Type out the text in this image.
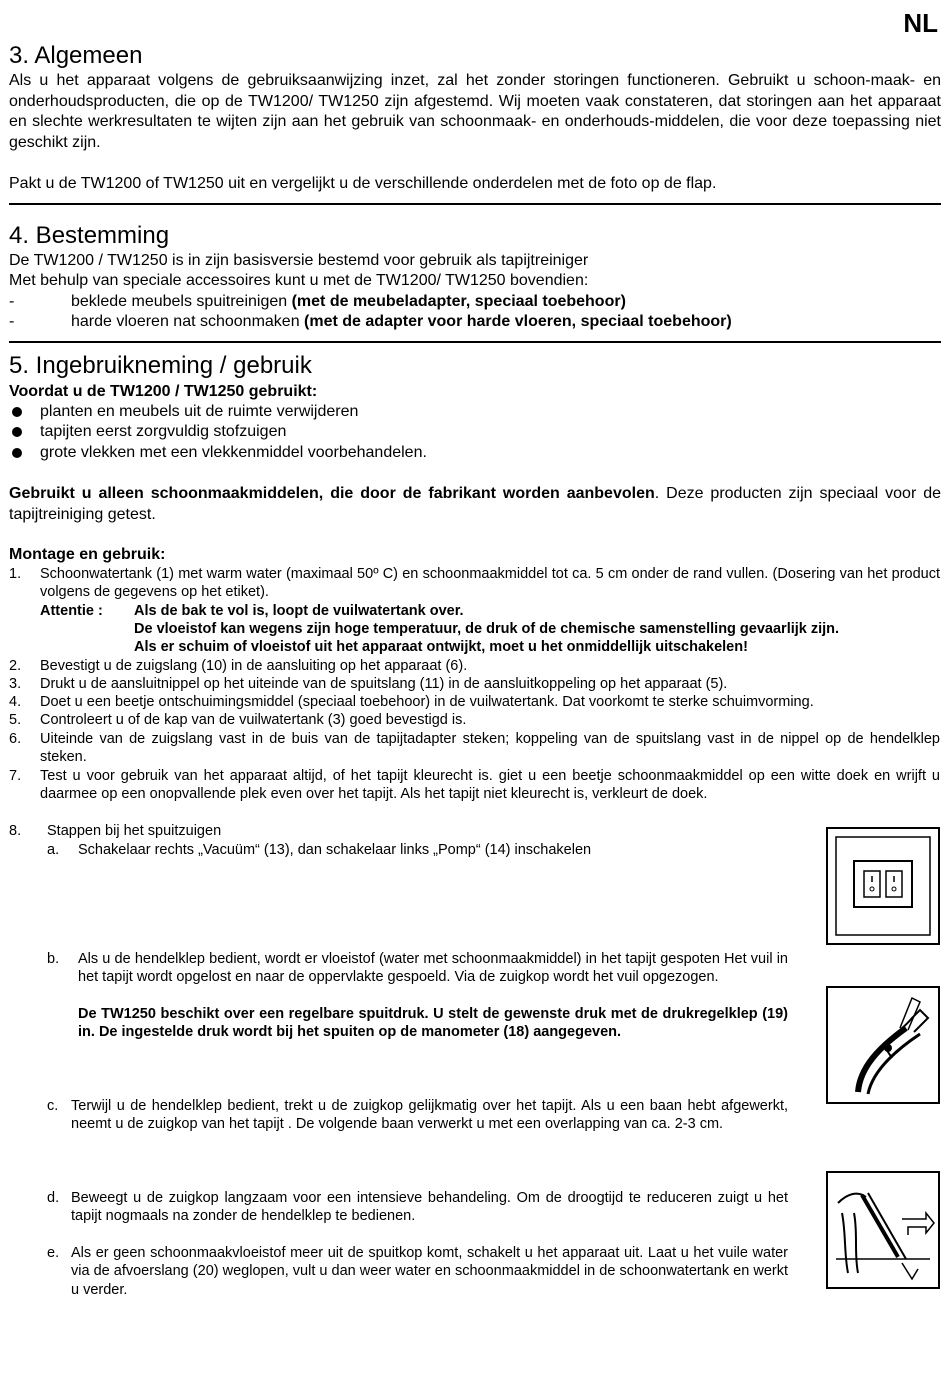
NL
3. Algemeen
Als u het apparaat volgens de gebruiksaanwijzing inzet, zal het zonder storingen functioneren. Gebruikt u schoon-maak- en onderhoudsproducten, die op de TW1200/ TW1250 zijn afgestemd. Wij moeten vaak constateren, dat storingen aan het apparaat en slechte werkresultaten te wijten zijn aan het gebruik van schoonmaak- en onderhouds-middelen, die voor deze toepassing niet geschikt zijn.
Pakt u de TW1200 of TW1250 uit en vergelijkt u de verschillende onderdelen met de foto op de flap.
4. Bestemming
De TW1200 / TW1250 is in zijn basisversie bestemd voor gebruik als tapijtreiniger
Met behulp van speciale accessoires kunt u met de TW1200/ TW1250 bovendien:
-	beklede meubels spuitreinigen (met de meubeladapter, speciaal toebehoor)
-	harde vloeren nat schoonmaken (met de adapter voor harde vloeren, speciaal toebehoor)
5. Ingebruikneming / gebruik
Voordat u de TW1200 / TW1250 gebruikt:
planten en meubels uit de ruimte verwijderen
tapijten eerst zorgvuldig stofzuigen
grote vlekken met een vlekkenmiddel voorbehandelen.
Gebruikt u alleen schoonmaakmiddelen, die door de fabrikant worden aanbevolen. Deze producten zijn speciaal voor de tapijtreiniging getest.
Montage en gebruik:
1. Schoonwatertank (1) met warm water (maximaal 50º C) en schoonmaakmiddel tot ca. 5 cm onder de rand vullen. (Dosering van het product volgens de gegevens op het etiket).
Attentie : Als de bak te vol is, loopt de vuilwatertank over.
De vloeistof kan wegens zijn hoge temperatuur, de druk of de chemische samenstelling gevaarlijk zijn.
Als er schuim of vloeistof uit het apparaat ontwijkt, moet u het onmiddellijk uitschakelen!
2. Bevestigt u de zuigslang (10) in de aansluiting op het apparaat (6).
3. Drukt u de aansluitnippel op het uiteinde van de spuitslang (11) in de aansluitkoppeling op het apparaat (5).
4. Doet u een beetje ontschuimingsmiddel (speciaal toebehoor) in de vuilwatertank. Dat voorkomt te sterke schuimvorming.
5. Controleert u of de kap van de vuilwatertank (3) goed bevestigd is.
6. Uiteinde van de zuigslang vast in de buis van de tapijtadapter steken; koppeling van de spuitslang vast in de nippel op de hendelklep steken.
7. Test u voor gebruik van het apparaat altijd, of het tapijt kleurecht is. giet u een beetje schoonmaakmiddel op een witte doek en wrijft u daarmee op een onopvallende plek even over het tapijt. Als het tapijt niet kleurecht is, verkleurt de doek.
8. Stappen bij het spuitzuigen
a. Schakelaar rechts „Vacuüm“ (13), dan schakelaar links „Pomp“ (14) inschakelen
b. Als u de hendelklep bedient, wordt er vloeistof (water met schoonmaakmiddel) in het tapijt gespoten Het vuil in het tapijt wordt opgelost en naar de oppervlakte gespoeld. Via de zuigkop wordt het vuil opgezogen.
De TW1250 beschikt over een regelbare spuitdruk. U stelt de gewenste druk met de drukregelklep (19) in. De ingestelde druk wordt bij het spuiten op de manometer (18) aangegeven.
c. Terwijl u de hendelklep bedient, trekt u de zuigkop gelijkmatig over het tapijt. Als u een baan hebt afgewerkt, neemt u de zuigkop van het tapijt . De volgende baan verwerkt u met een overlapping van ca. 2-3 cm.
d. Beweegt u de zuigkop langzaam voor een intensieve behandeling. Om de droogtijd te reduceren zuigt u het tapijt nogmaals na zonder de hendelklep te bedienen.
e. Als er geen schoonmaakvloeistof meer uit de spuitkop komt, schakelt u het apparaat uit. Laat u het vuile water via de afvoerslang (20) weglopen, vult u dan weer water en schoonmaakmiddel in de schoonwatertank en werkt u verder.
